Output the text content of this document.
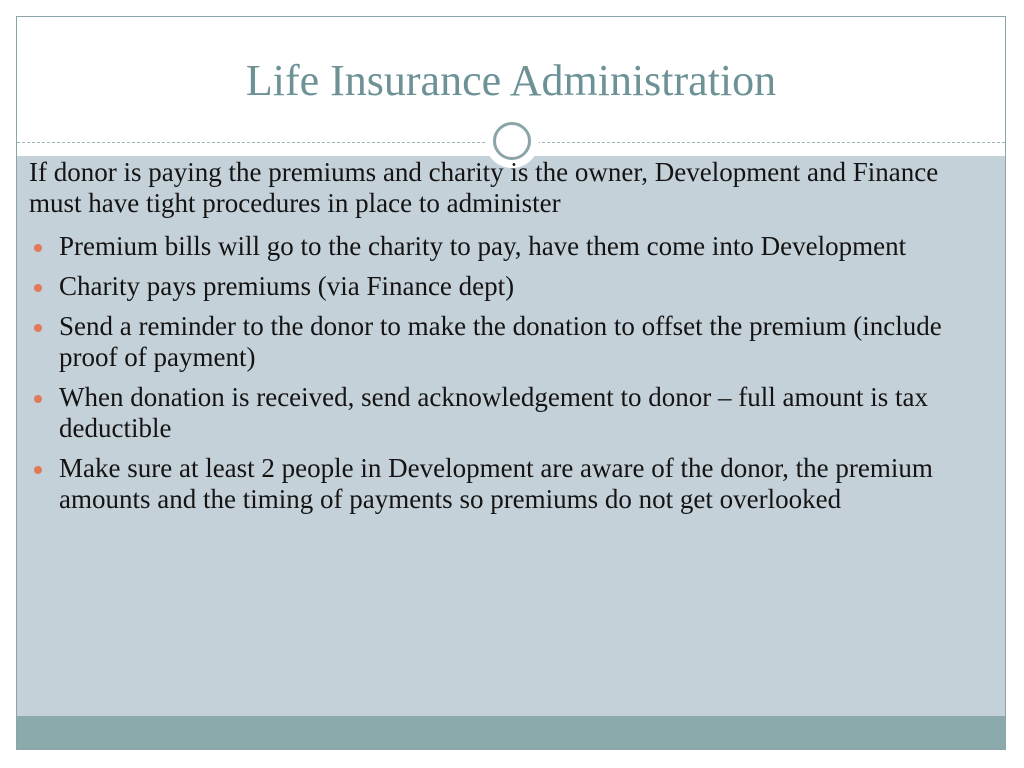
Life Insurance Administration

If donor is paying the premiums and charity is the owner, Development and Finance must have tight procedures in place to administer

Premium bills will go to the charity to pay, have them come into Development
Charity pays premiums (via Finance dept)
Send a reminder to the donor to make the donation to offset the premium (include proof of payment)
When donation is received, send acknowledgement to donor – full amount is tax deductible
Make sure at least 2 people in Development are aware of the donor, the premium amounts and the timing of payments so premiums do not get overlooked
